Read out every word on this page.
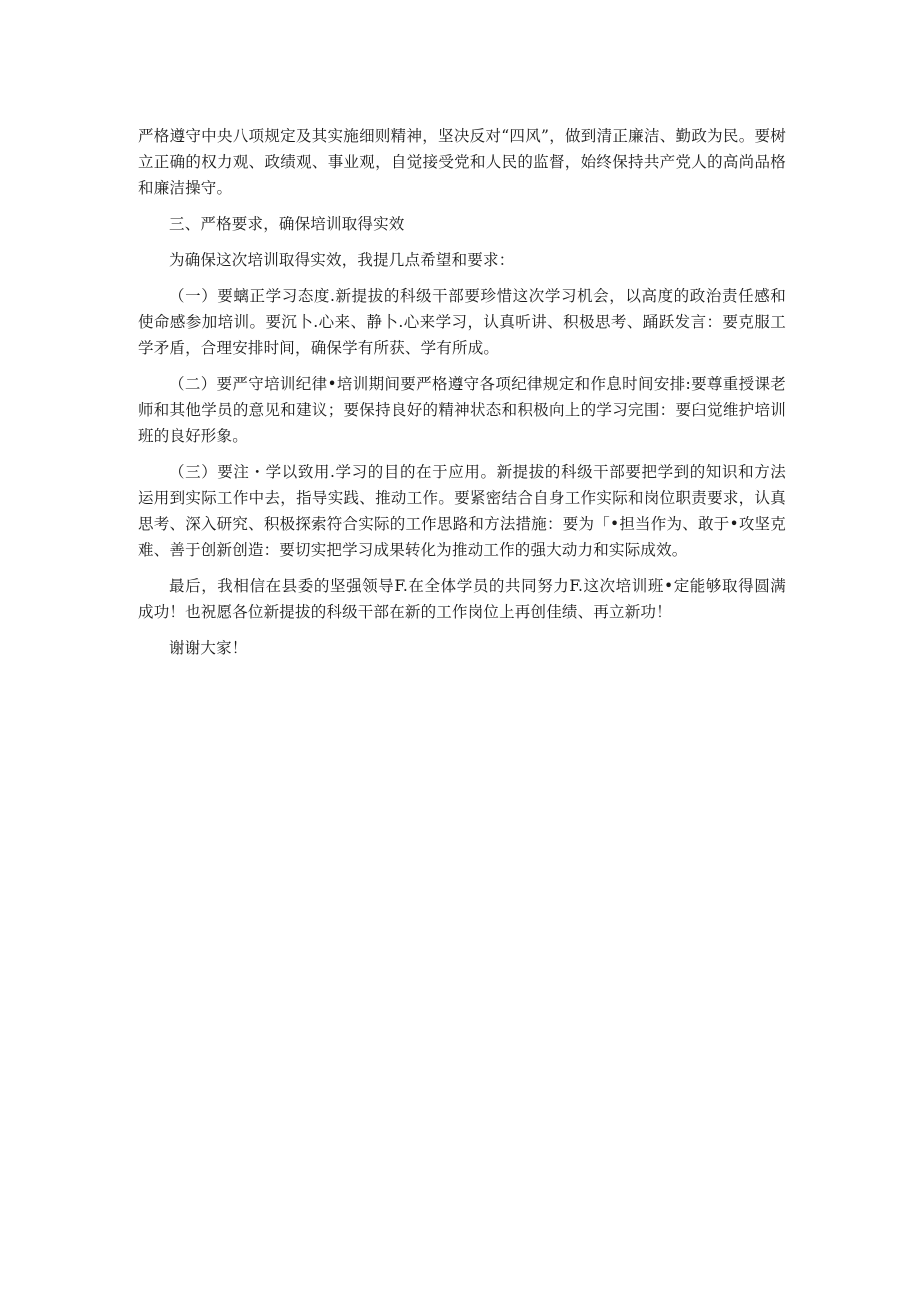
严格遵守中央八项规定及其实施细则精神，坚决反对“四风”，做到清正廉洁、勤政为民。要树立正确的权力观、政绩观、事业观，自觉接受党和人民的监督，始终保持共产党人的高尚品格和廉洁操守。

三、严格要求，确保培训取得实效

为确保这次培训取得实效，我提几点希望和要求：

（一）要螭正学习态度.新提拔的科级干部要珍惜这次学习机会，以高度的政治责任感和使命感参加培训。要沉卜.心来、静卜.心来学习，认真听讲、积极思考、踊跃发言：要克服工学矛盾，合理安排时间，确保学有所获、学有所成。

（二）要严守培训纪律•培训期间要严格遵守各项纪律规定和作息时间安排:要尊重授课老师和其他学员的意见和建议；要保持良好的精神状态和积极向上的学习完围：要臼觉维护培训班的良好形象。

（三）要注・学以致用.学习的目的在于应用。新提拔的科级干部要把学到的知识和方法运用到实际工作中去，指导实践、推动工作。要紧密结合自身工作实际和岗位职责要求，认真思考、深入研究、积极探索符合实际的工作思路和方法措施：要为「•担当作为、敢于•攻坚克难、善于创新创造：要切实把学习成果转化为推动工作的强大动力和实际成效。

最后，我相信在县委的坚强领导F.在全体学员的共同努力F.这次培训班•定能够取得圆满成功！也祝愿各位新提拔的科级干部在新的工作岗位上再创佳绩、再立新功！

谢谢大家！
